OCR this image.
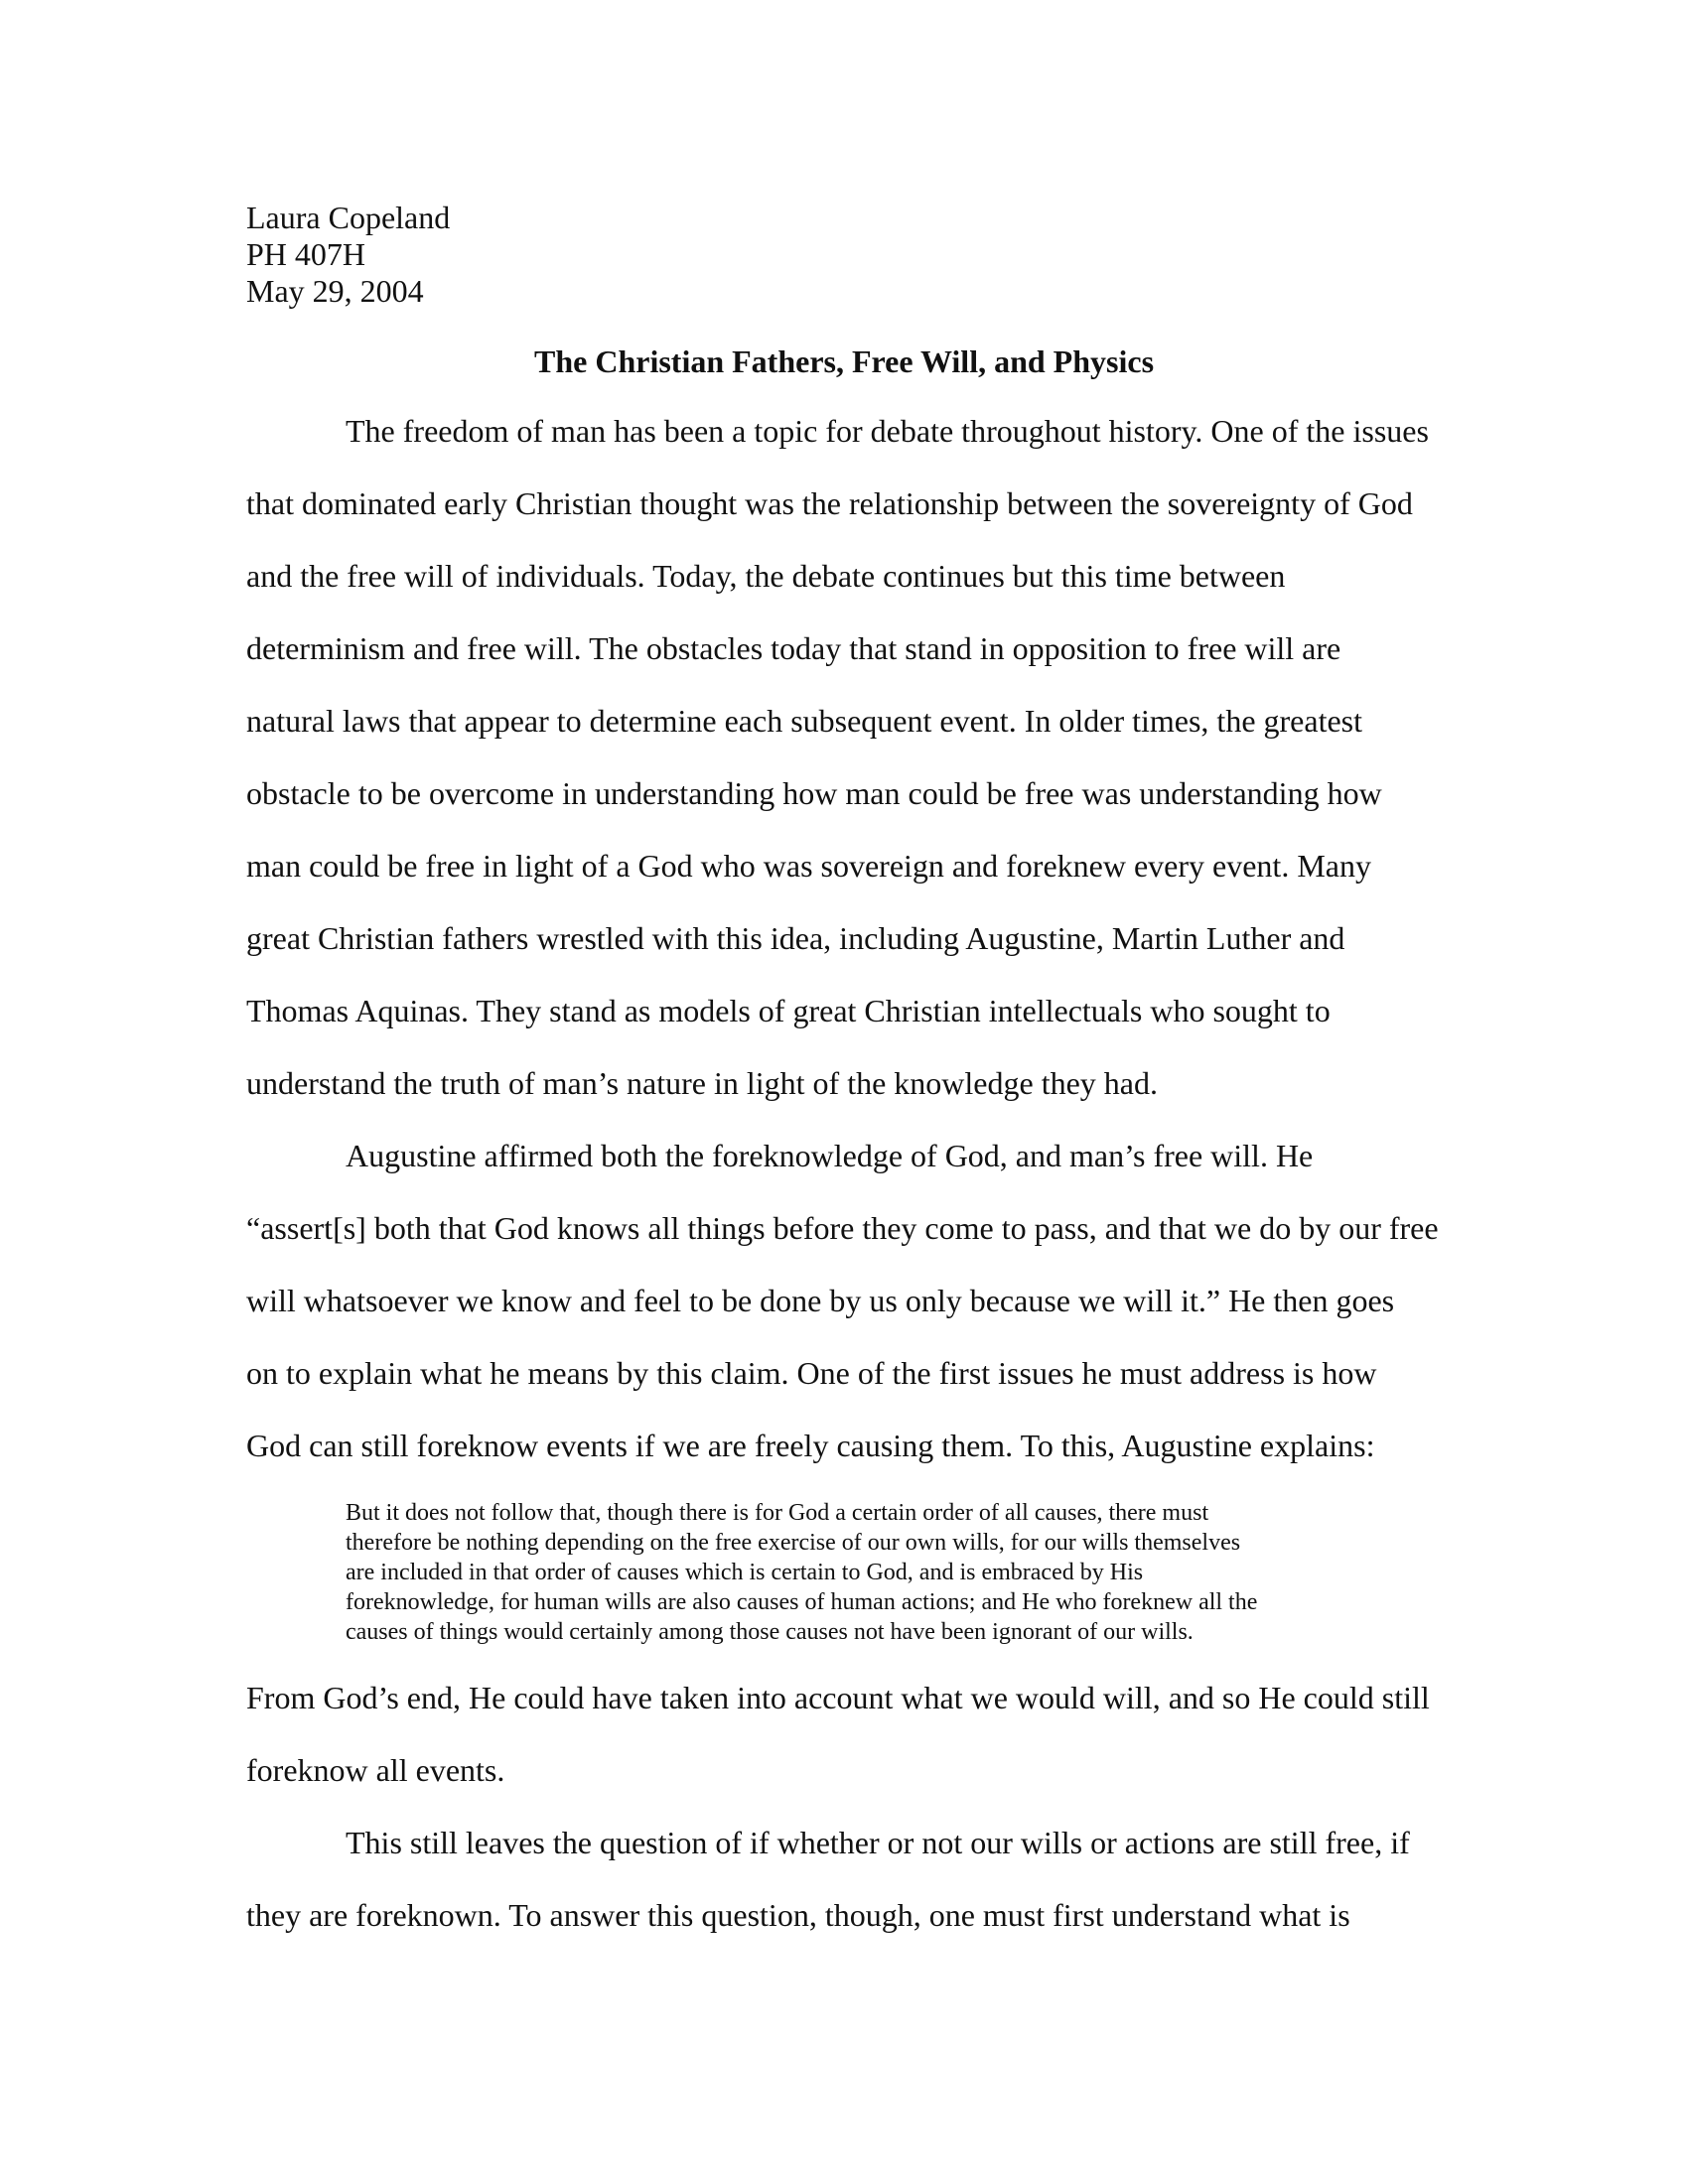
Laura Copeland
PH 407H
May 29, 2004
The Christian Fathers, Free Will, and Physics
The freedom of man has been a topic for debate throughout history. One of the issues
that dominated early Christian thought was the relationship between the sovereignty of God
and the free will of individuals. Today, the debate continues but this time between
determinism and free will. The obstacles today that stand in opposition to free will are
natural laws that appear to determine each subsequent event. In older times, the greatest
obstacle to be overcome in understanding how man could be free was understanding how
man could be free in light of a God who was sovereign and foreknew every event. Many
great Christian fathers wrestled with this idea, including Augustine, Martin Luther and
Thomas Aquinas. They stand as models of great Christian intellectuals who sought to
understand the truth of man’s nature in light of the knowledge they had.
Augustine affirmed both the foreknowledge of God, and man’s free will. He
“assert[s] both that God knows all things before they come to pass, and that we do by our free
will whatsoever we know and feel to be done by us only because we will it.” He then goes
on to explain what he means by this claim. One of the first issues he must address is how
God can still foreknow events if we are freely causing them. To this, Augustine explains:
But it does not follow that, though there is for God a certain order of all causes, there must
therefore be nothing depending on the free exercise of our own wills, for our wills themselves
are included in that order of causes which is certain to God, and is embraced by His
foreknowledge, for human wills are also causes of human actions; and He who foreknew all the
causes of things would certainly among those causes not have been ignorant of our wills.
From God’s end, He could have taken into account what we would will, and so He could still
foreknow all events.
This still leaves the question of if whether or not our wills or actions are still free, if
they are foreknown. To answer this question, though, one must first understand what is
